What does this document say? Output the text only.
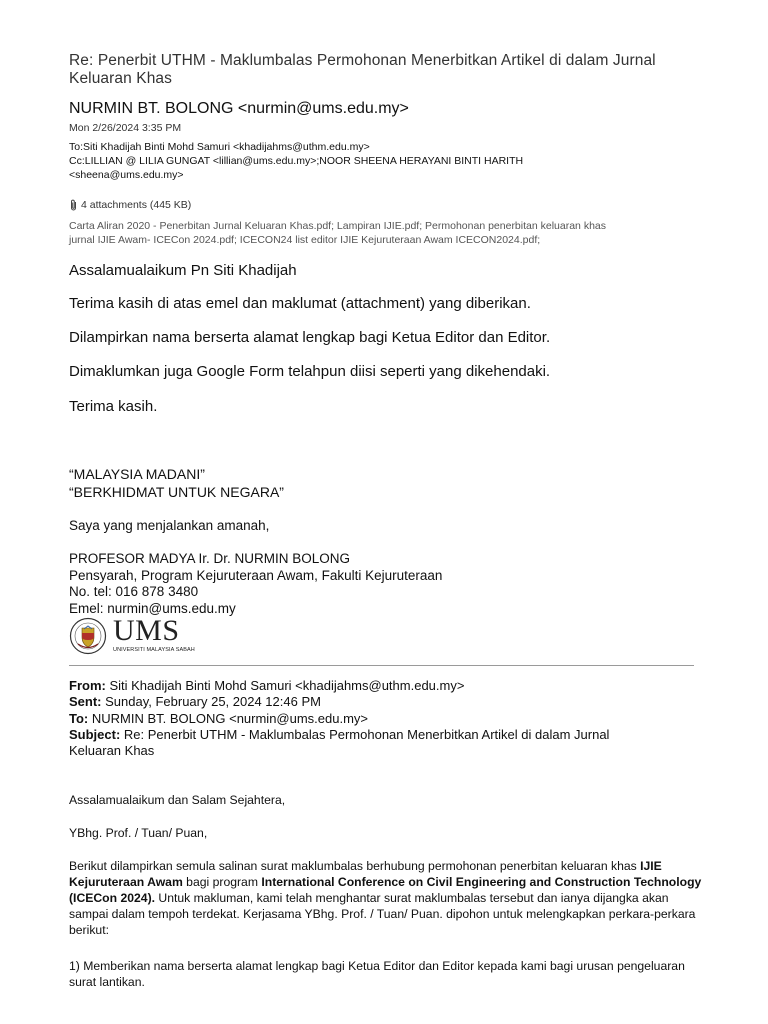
Re: Penerbit UTHM - Maklumbalas Permohonan Menerbitkan Artikel di dalam Jurnal Keluaran Khas
NURMIN BT. BOLONG <nurmin@ums.edu.my>
Mon 2/26/2024 3:35 PM
To:Siti Khadijah Binti Mohd Samuri <khadijahms@uthm.edu.my>
Cc:LILLIAN @ LILIA GUNGAT <lillian@ums.edu.my>;NOOR SHEENA HERAYANI BINTI HARITH
<sheena@ums.edu.my>
4 attachments (445 KB)
Carta Aliran 2020 - Penerbitan Jurnal Keluaran Khas.pdf; Lampiran IJIE.pdf; Permohonan penerbitan keluaran khas
jurnal IJIE Awam- ICECon 2024.pdf; ICECON24 list editor IJIE Kejuruteraan Awam ICECON2024.pdf;
Assalamualaikum Pn Siti Khadijah
Terima kasih di atas emel dan maklumat (attachment) yang diberikan.
Dilampirkan nama berserta alamat lengkap bagi Ketua Editor dan Editor.
Dimaklumkan juga Google Form telahpun diisi seperti yang dikehendaki.
Terima kasih.
“MALAYSIA MADANI”
“BERKHIDMAT UNTUK NEGARA”
Saya yang menjalankan amanah,
PROFESOR MADYA Ir. Dr. NURMIN BOLONG
Pensyarah, Program Kejuruteraan Awam, Fakulti Kejuruteraan
No. tel: 016 878 3480
Emel: nurmin@ums.edu.my
UMS
UNIVERSITI MALAYSIA SABAH
From: Siti Khadijah Binti Mohd Samuri <khadijahms@uthm.edu.my>
Sent: Sunday, February 25, 2024 12:46 PM
To: NURMIN BT. BOLONG <nurmin@ums.edu.my>
Subject: Re: Penerbit UTHM - Maklumbalas Permohonan Menerbitkan Artikel di dalam Jurnal
Keluaran Khas
Assalamualaikum dan Salam Sejahtera,
YBhg. Prof. / Tuan/ Puan,
Berikut dilampirkan semula salinan surat maklumbalas berhubung permohonan penerbitan keluaran khas IJIE Kejuruteraan Awam bagi program International Conference on Civil Engineering and Construction Technology (ICECon 2024). Untuk makluman, kami telah menghantar surat maklumbalas tersebut dan ianya dijangka akan sampai dalam tempoh terdekat. Kerjasama YBhg. Prof. / Tuan/ Puan. dipohon untuk melengkapkan perkara-perkara berikut:
1) Memberikan nama berserta alamat lengkap bagi Ketua Editor dan Editor kepada kami bagi urusan pengeluaran surat lantikan.
